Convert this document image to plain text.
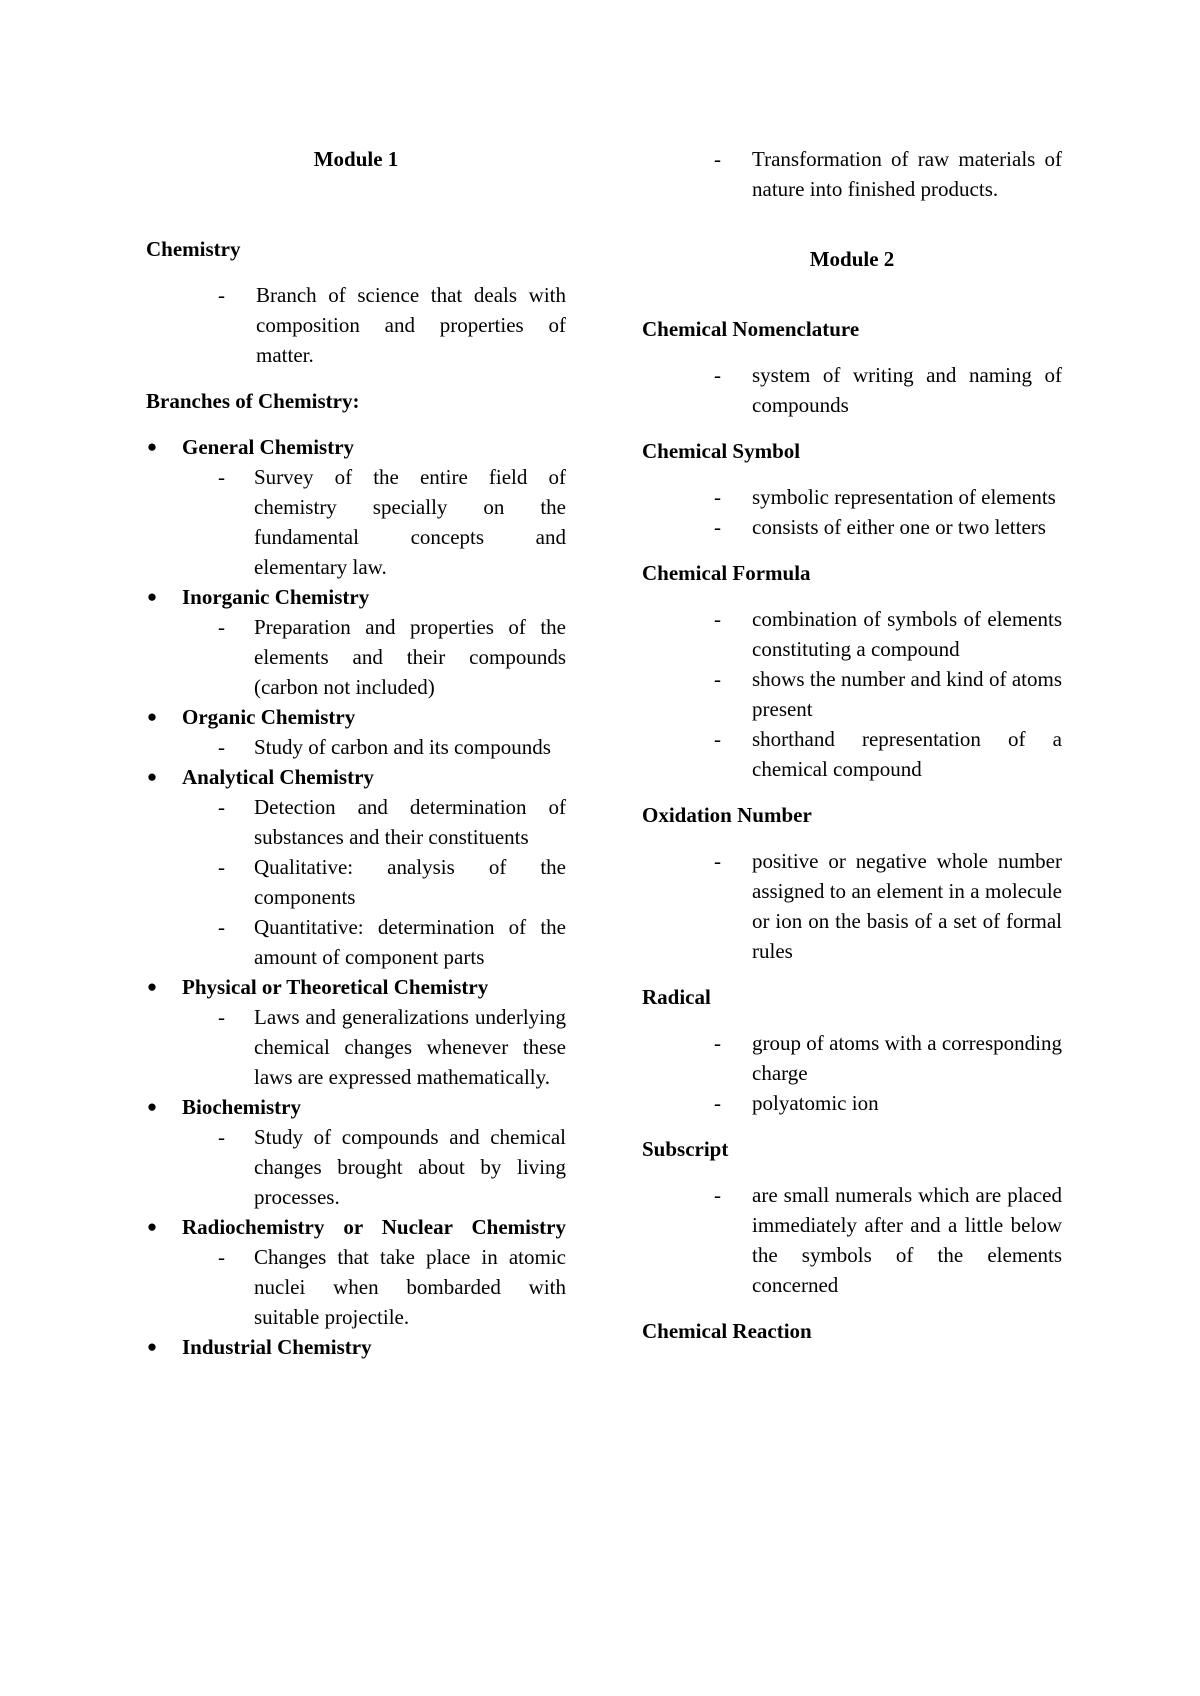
Module 1

Chemistry

- Branch of science that deals with composition and properties of matter.

Branches of Chemistry:

● General Chemistry
- Survey of the entire field of chemistry specially on the fundamental concepts and elementary law.
● Inorganic Chemistry
- Preparation and properties of the elements and their compounds (carbon not included)
● Organic Chemistry
- Study of carbon and its compounds
● Analytical Chemistry
- Detection and determination of substances and their constituents
- Qualitative: analysis of the components
- Quantitative: determination of the amount of component parts
● Physical or Theoretical Chemistry
- Laws and generalizations underlying chemical changes whenever these laws are expressed mathematically.
● Biochemistry
- Study of compounds and chemical changes brought about by living processes.
● Radiochemistry or Nuclear Chemistry
- Changes that take place in atomic nuclei when bombarded with suitable projectile.
● Industrial Chemistry
- Transformation of raw materials of nature into finished products.

Module 2

Chemical Nomenclature

- system of writing and naming of compounds

Chemical Symbol

- symbolic representation of elements
- consists of either one or two letters

Chemical Formula

- combination of symbols of elements constituting a compound
- shows the number and kind of atoms present
- shorthand representation of a chemical compound

Oxidation Number

- positive or negative whole number assigned to an element in a molecule or ion on the basis of a set of formal rules

Radical

- group of atoms with a corresponding charge
- polyatomic ion

Subscript

- are small numerals which are placed immediately after and a little below the symbols of the elements concerned

Chemical Reaction
